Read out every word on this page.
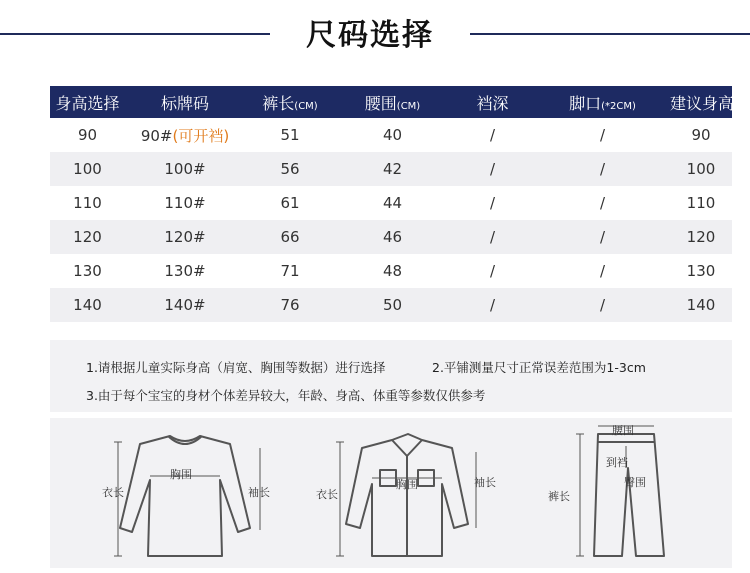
尺码选择
身高选择	标牌码	裤长(CM)	腰围(CM)	裆深	脚口(*2CM)	建议身高
90	90#(可开裆)	51	40	/	/	90
100	100#	56	42	/	/	100
110	110#	61	44	/	/	110
120	120#	66	46	/	/	120
130	130#	71	48	/	/	130
140	140#	76	50	/	/	140
1.请根据儿童实际身高（肩宽、胸围等数据）进行选择	2.平铺测量尺寸正常误差范围为1-3cm
3.由于每个宝宝的身材个体差异较大，年龄、身高、体重等参数仅供参考
衣长
胸围
袖长	衣长
胸围	袖长
腰围
到裆
臀围
裤长
